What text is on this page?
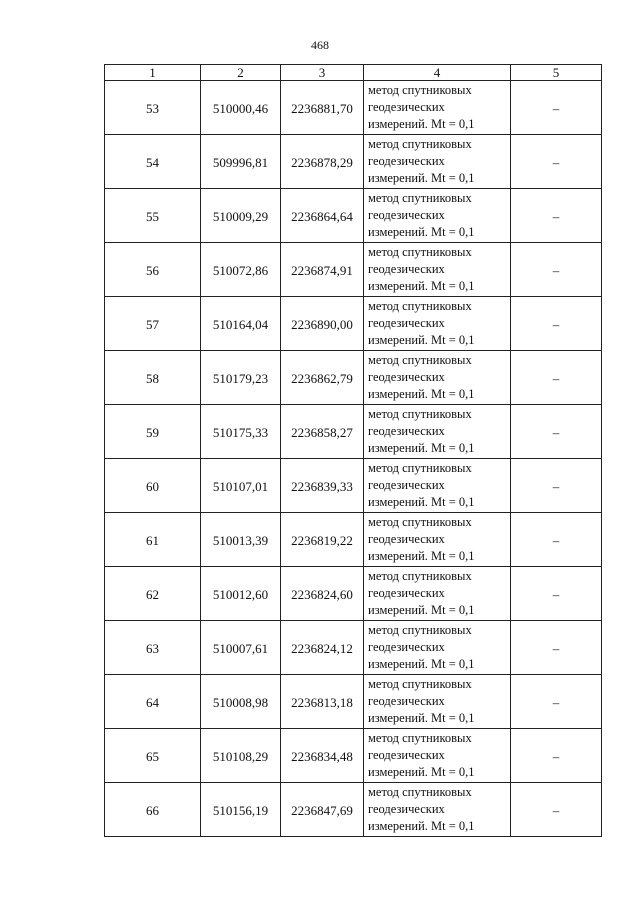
468
1	2	3	4	5
53	510000,46	2236881,70	метод спутниковых
геодезических
измерений. Mt = 0,1	–
54	509996,81	2236878,29	метод спутниковых
геодезических
измерений. Mt = 0,1	–
55	510009,29	2236864,64	метод спутниковых
геодезических
измерений. Mt = 0,1	–
56	510072,86	2236874,91	метод спутниковых
геодезических
измерений. Mt = 0,1	–
57	510164,04	2236890,00	метод спутниковых
геодезических
измерений. Mt = 0,1	–
58	510179,23	2236862,79	метод спутниковых
геодезических
измерений. Mt = 0,1	–
59	510175,33	2236858,27	метод спутниковых
геодезических
измерений. Mt = 0,1	–
60	510107,01	2236839,33	метод спутниковых
геодезических
измерений. Mt = 0,1	–
61	510013,39	2236819,22	метод спутниковых
геодезических
измерений. Mt = 0,1	–
62	510012,60	2236824,60	метод спутниковых
геодезических
измерений. Mt = 0,1	–
63	510007,61	2236824,12	метод спутниковых
геодезических
измерений. Mt = 0,1	–
64	510008,98	2236813,18	метод спутниковых
геодезических
измерений. Mt = 0,1	–
65	510108,29	2236834,48	метод спутниковых
геодезических
измерений. Mt = 0,1	–
66	510156,19	2236847,69	метод спутниковых
геодезических
измерений. Mt = 0,1	–
